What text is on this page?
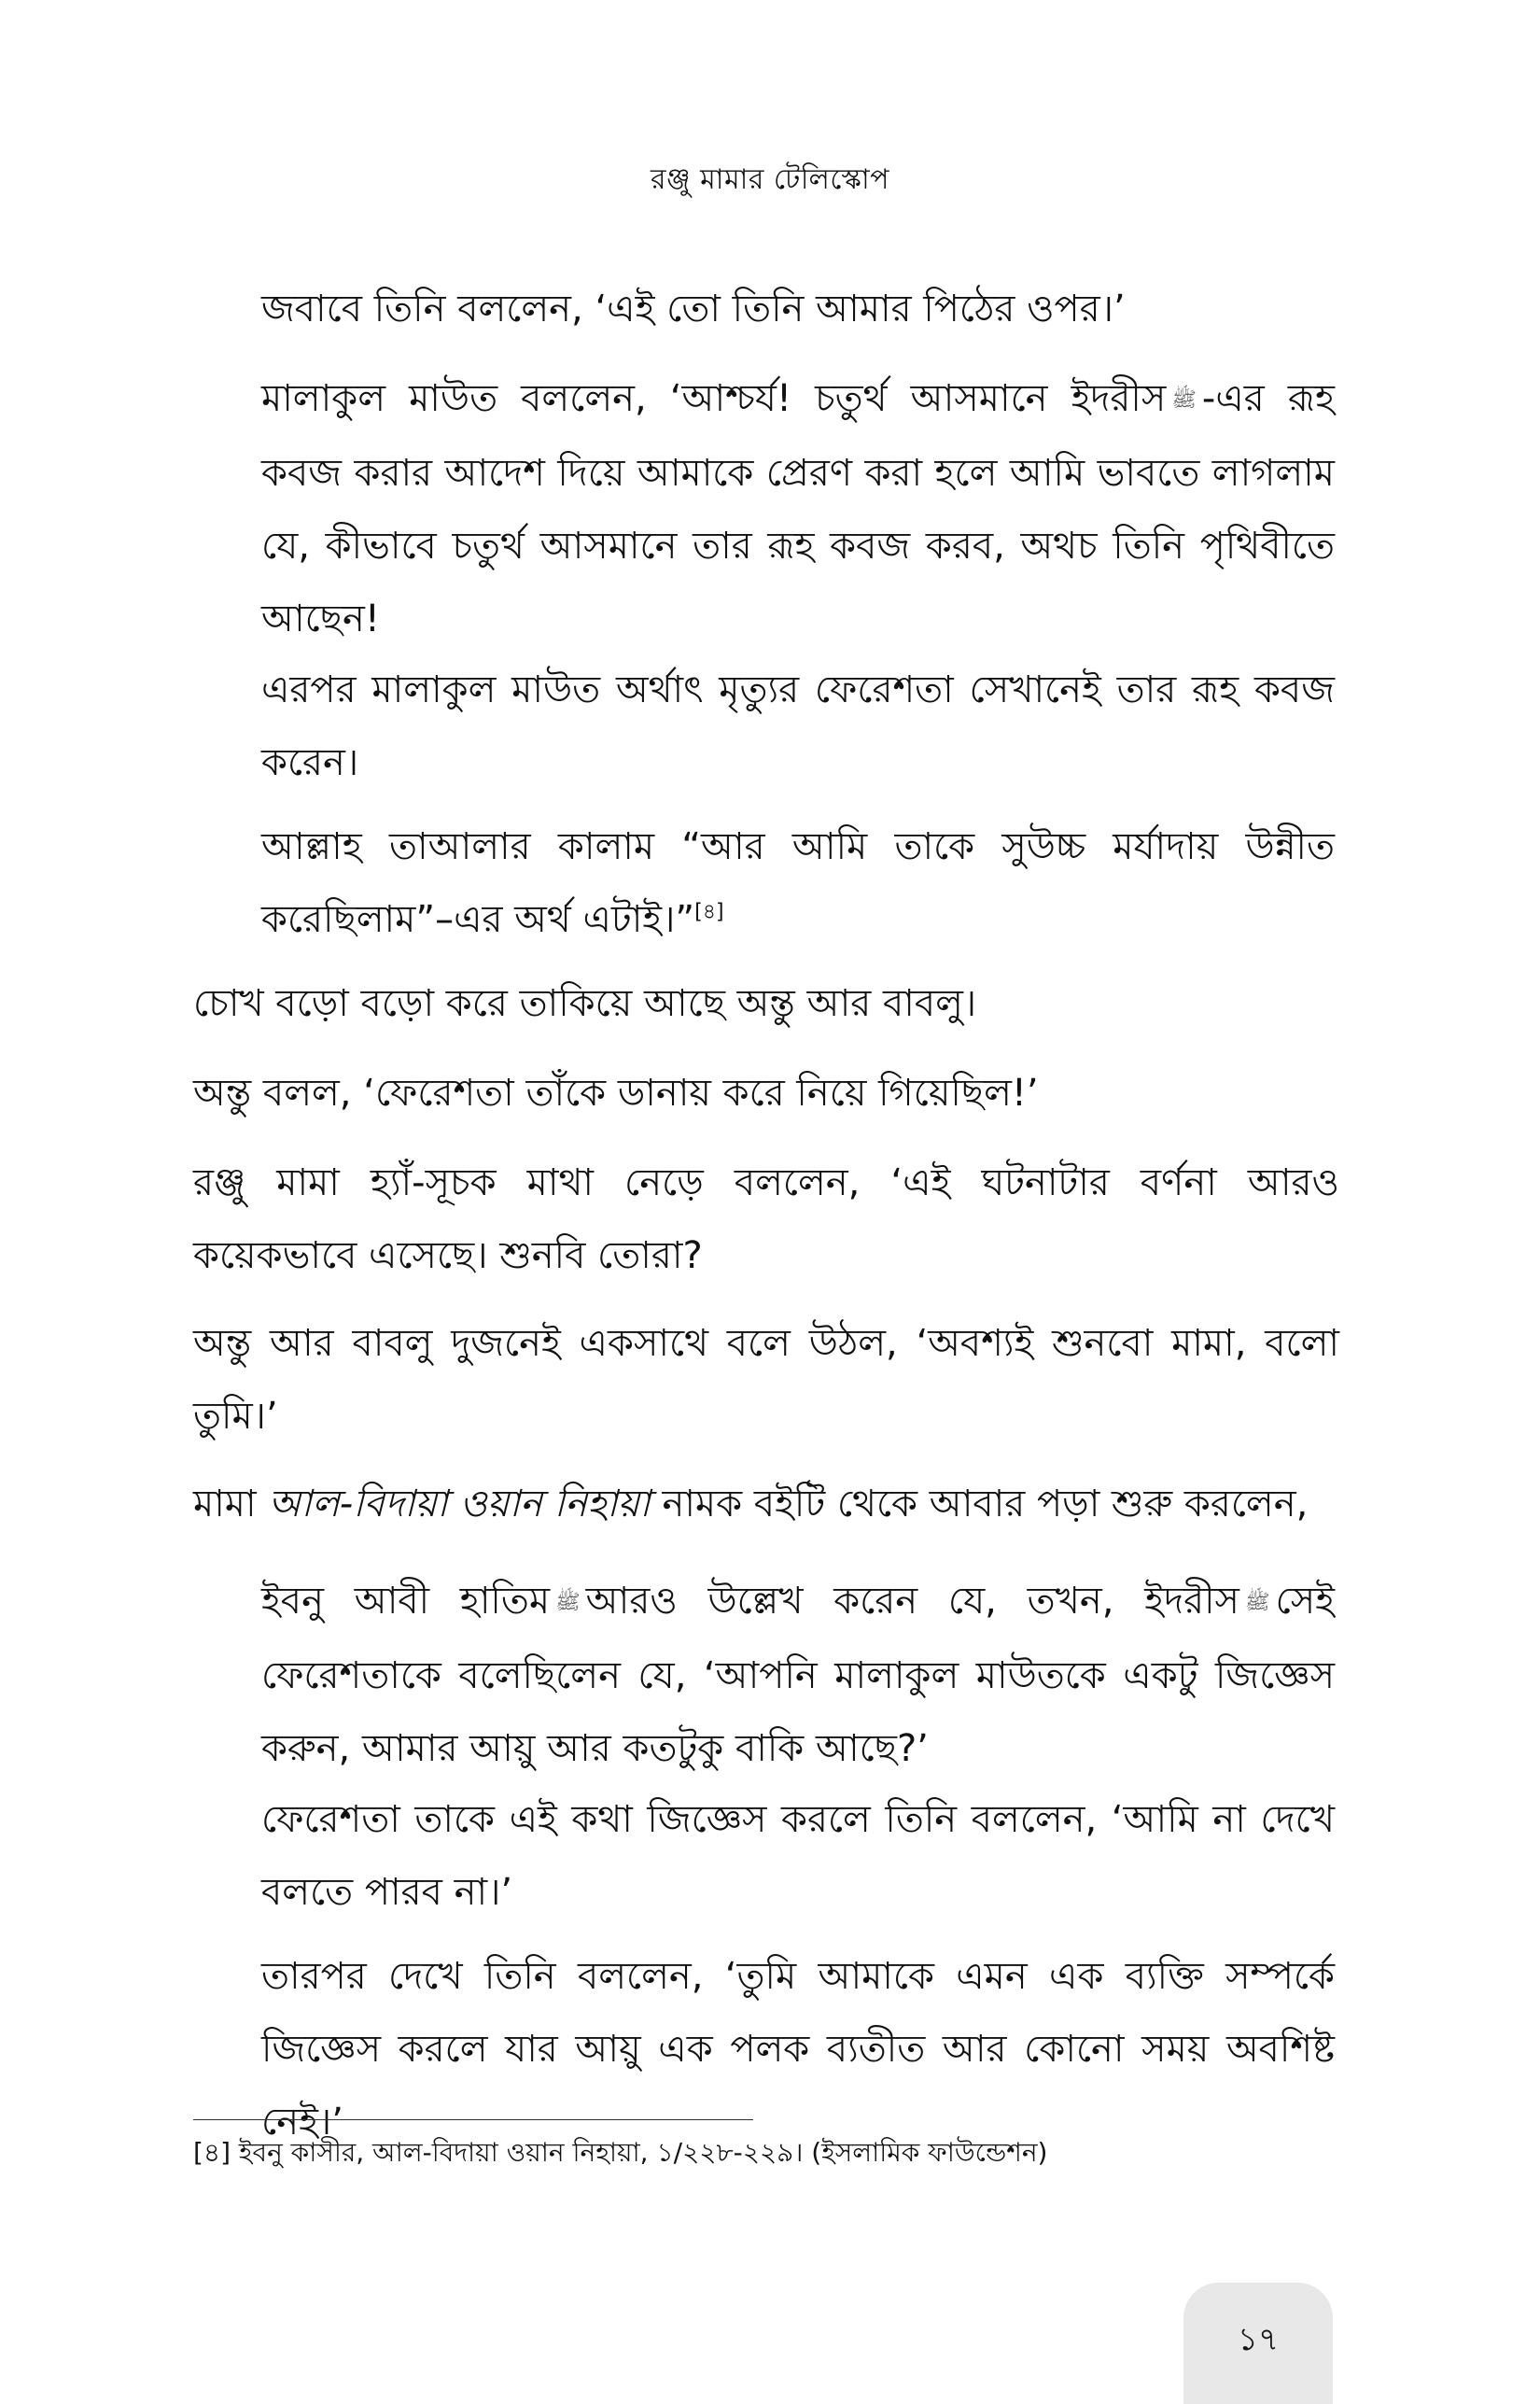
রঞ্জু মামার টেলিস্কোপ

জবাবে তিনি বললেন, ‘এই তো তিনি আমার পিঠের ওপর।’

মালাকুল মাউত বললেন, ‘আশ্চর্য! চতুর্থ আসমানে ইদরীস ﷺ -এর রূহ কবজ করার আদেশ দিয়ে আমাকে প্রেরণ করা হলে আমি ভাবতে লাগলাম যে, কীভাবে চতুর্থ আসমানে তার রূহ কবজ করব, অথচ তিনি পৃথিবীতে আছেন!

এরপর মালাকুল মাউত অর্থাৎ মৃত্যুর ফেরেশতা সেখানেই তার রূহ কবজ করেন।

আল্লাহ তাআলার কালাম “আর আমি তাকে সুউচ্চ মর্যাদায় উন্নীত করেছিলাম”–এর অর্থ এটাই।”[৪]

চোখ বড়ো বড়ো করে তাকিয়ে আছে অন্তু আর বাবলু।

অন্তু বলল, ‘ফেরেশতা তাঁকে ডানায় করে নিয়ে গিয়েছিল!’

রঞ্জু মামা হ্যাঁ-সূচক মাথা নেড়ে বললেন, ‘এই ঘটনাটার বর্ণনা আরও কয়েকভাবে এসেছে। শুনবি তোরা?

অন্তু আর বাবলু দুজনেই একসাথে বলে উঠল, ‘অবশ্যই শুনবো মামা, বলো তুমি।’

মামা আল-বিদায়া ওয়ান নিহায়া নামক বইটি থেকে আবার পড়া শুরু করলেন,

ইবনু আবী হাতিম ﷺ আরও উল্লেখ করেন যে, তখন, ইদরীস ﷺ সেই ফেরেশতাকে বলেছিলেন যে, ‘আপনি মালাকুল মাউতকে একটু জিজ্ঞেস করুন, আমার আয়ু আর কতটুকু বাকি আছে?’

ফেরেশতা তাকে এই কথা জিজ্ঞেস করলে তিনি বললেন, ‘আমি না দেখে বলতে পারব না।’

তারপর দেখে তিনি বললেন, ‘তুমি আমাকে এমন এক ব্যক্তি সম্পর্কে জিজ্ঞেস করলে যার আয়ু এক পলক ব্যতীত আর কোনো সময় অবশিষ্ট নেই।’

[৪] ইবনু কাসীর, আল-বিদায়া ওয়ান নিহায়া, ১/২২৮-২২৯। (ইসলামিক ফাউন্ডেশন)

১৭
